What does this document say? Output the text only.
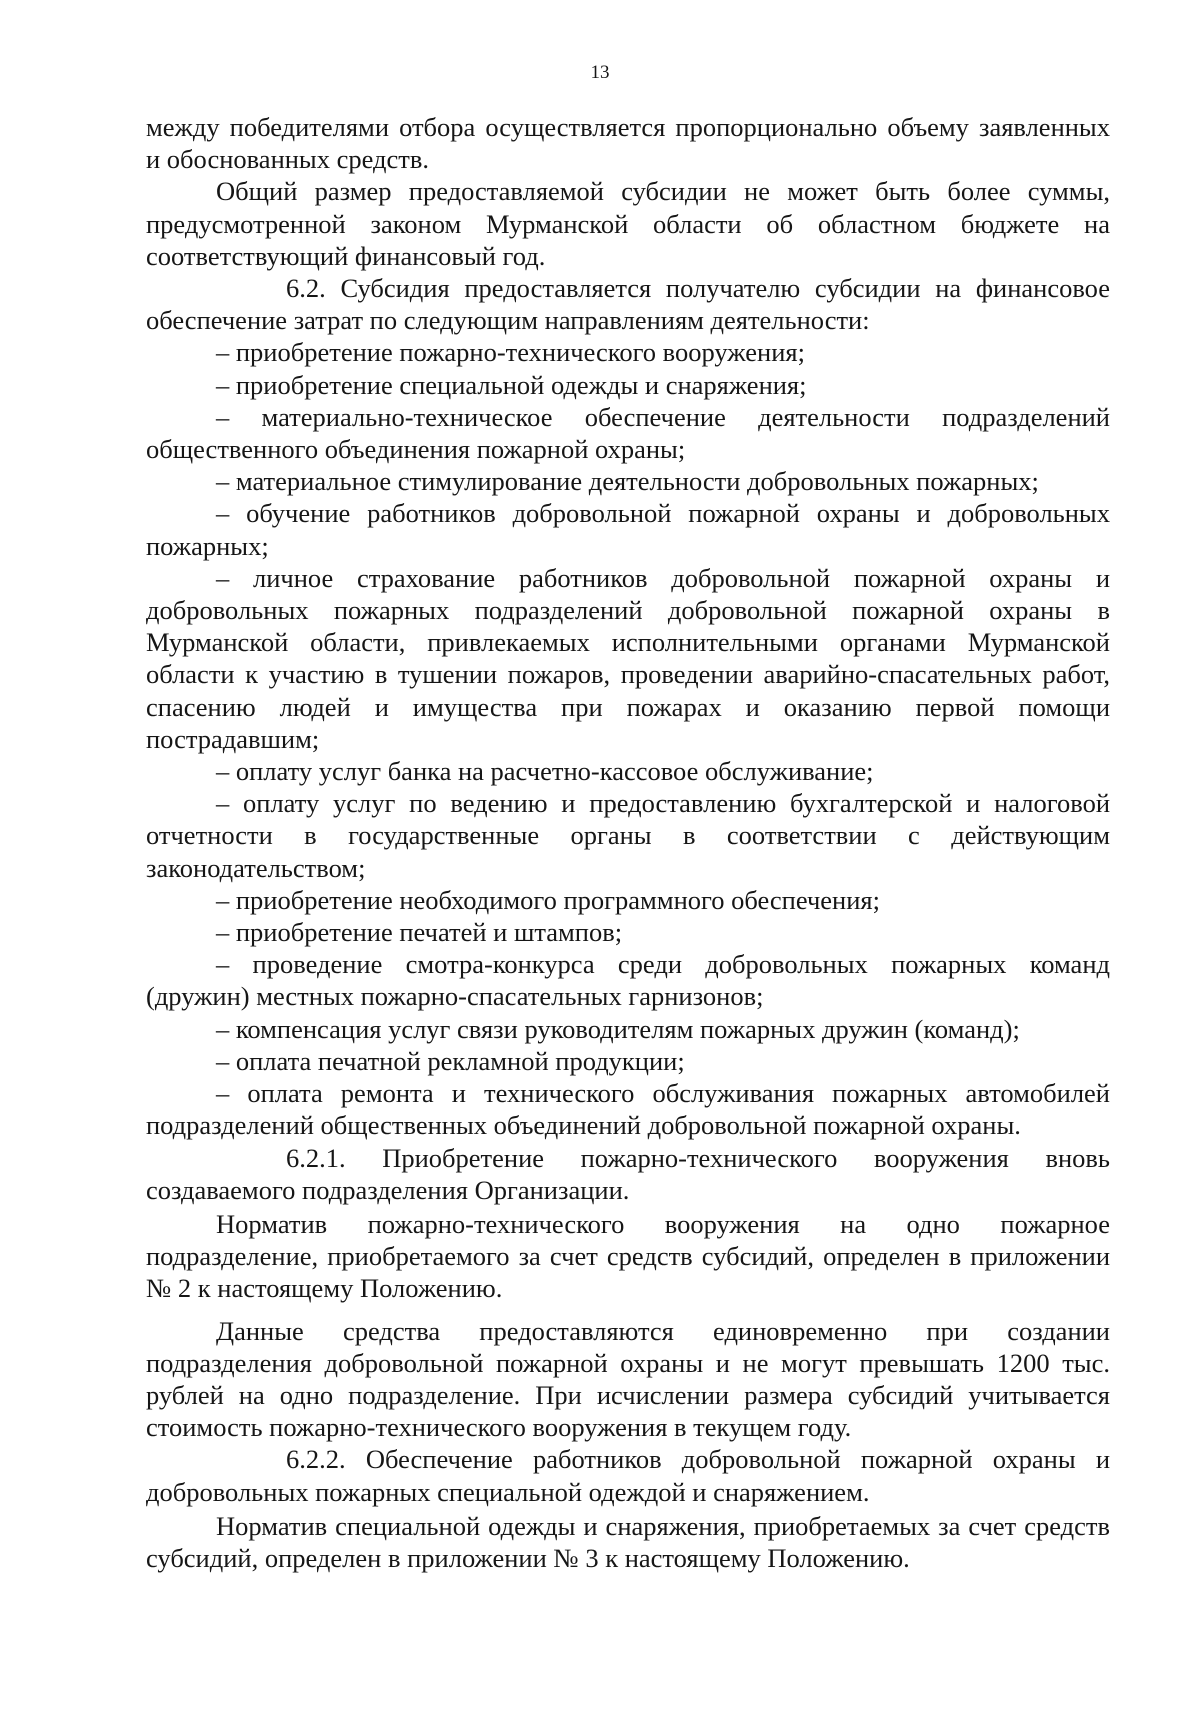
13

между победителями отбора осуществляется пропорционально объему заявленных и обоснованных средств.

Общий размер предоставляемой субсидии не может быть более суммы, предусмотренной законом Мурманской области об областном бюджете на соответствующий финансовый год.

6.2. Субсидия предоставляется получателю субсидии на финансовое обеспечение затрат по следующим направлениям деятельности:

– приобретение пожарно-технического вооружения;

– приобретение специальной одежды и снаряжения;

– материально-техническое обеспечение деятельности подразделений общественного объединения пожарной охраны;

– материальное стимулирование деятельности добровольных пожарных;

– обучение работников добровольной пожарной охраны и добровольных пожарных;

– личное страхование работников добровольной пожарной охраны и добровольных пожарных подразделений добровольной пожарной охраны в Мурманской области, привлекаемых исполнительными органами Мурманской области к участию в тушении пожаров, проведении аварийно-спасательных работ, спасению людей и имущества при пожарах и оказанию первой помощи пострадавшим;

– оплату услуг банка на расчетно-кассовое обслуживание;

– оплату услуг по ведению и предоставлению бухгалтерской и налоговой отчетности в государственные органы в соответствии с действующим законодательством;

– приобретение необходимого программного обеспечения;

– приобретение печатей и штампов;

– проведение смотра-конкурса среди добровольных пожарных команд (дружин) местных пожарно-спасательных гарнизонов;

– компенсация услуг связи руководителям пожарных дружин (команд);

– оплата печатной рекламной продукции;

– оплата ремонта и технического обслуживания пожарных автомобилей подразделений общественных объединений добровольной пожарной охраны.

6.2.1. Приобретение пожарно-технического вооружения вновь создаваемого подразделения Организации.

Норматив пожарно-технического вооружения на одно пожарное подразделение, приобретаемого за счет средств субсидий, определен в приложении № 2 к настоящему Положению.

Данные средства предоставляются единовременно при создании подразделения добровольной пожарной охраны и не могут превышать 1200 тыс. рублей на одно подразделение. При исчислении размера субсидий учитывается стоимость пожарно-технического вооружения в текущем году.

6.2.2. Обеспечение работников добровольной пожарной охраны и добровольных пожарных специальной одеждой и снаряжением.

Норматив специальной одежды и снаряжения, приобретаемых за счет средств субсидий, определен в приложении № 3 к настоящему Положению.
